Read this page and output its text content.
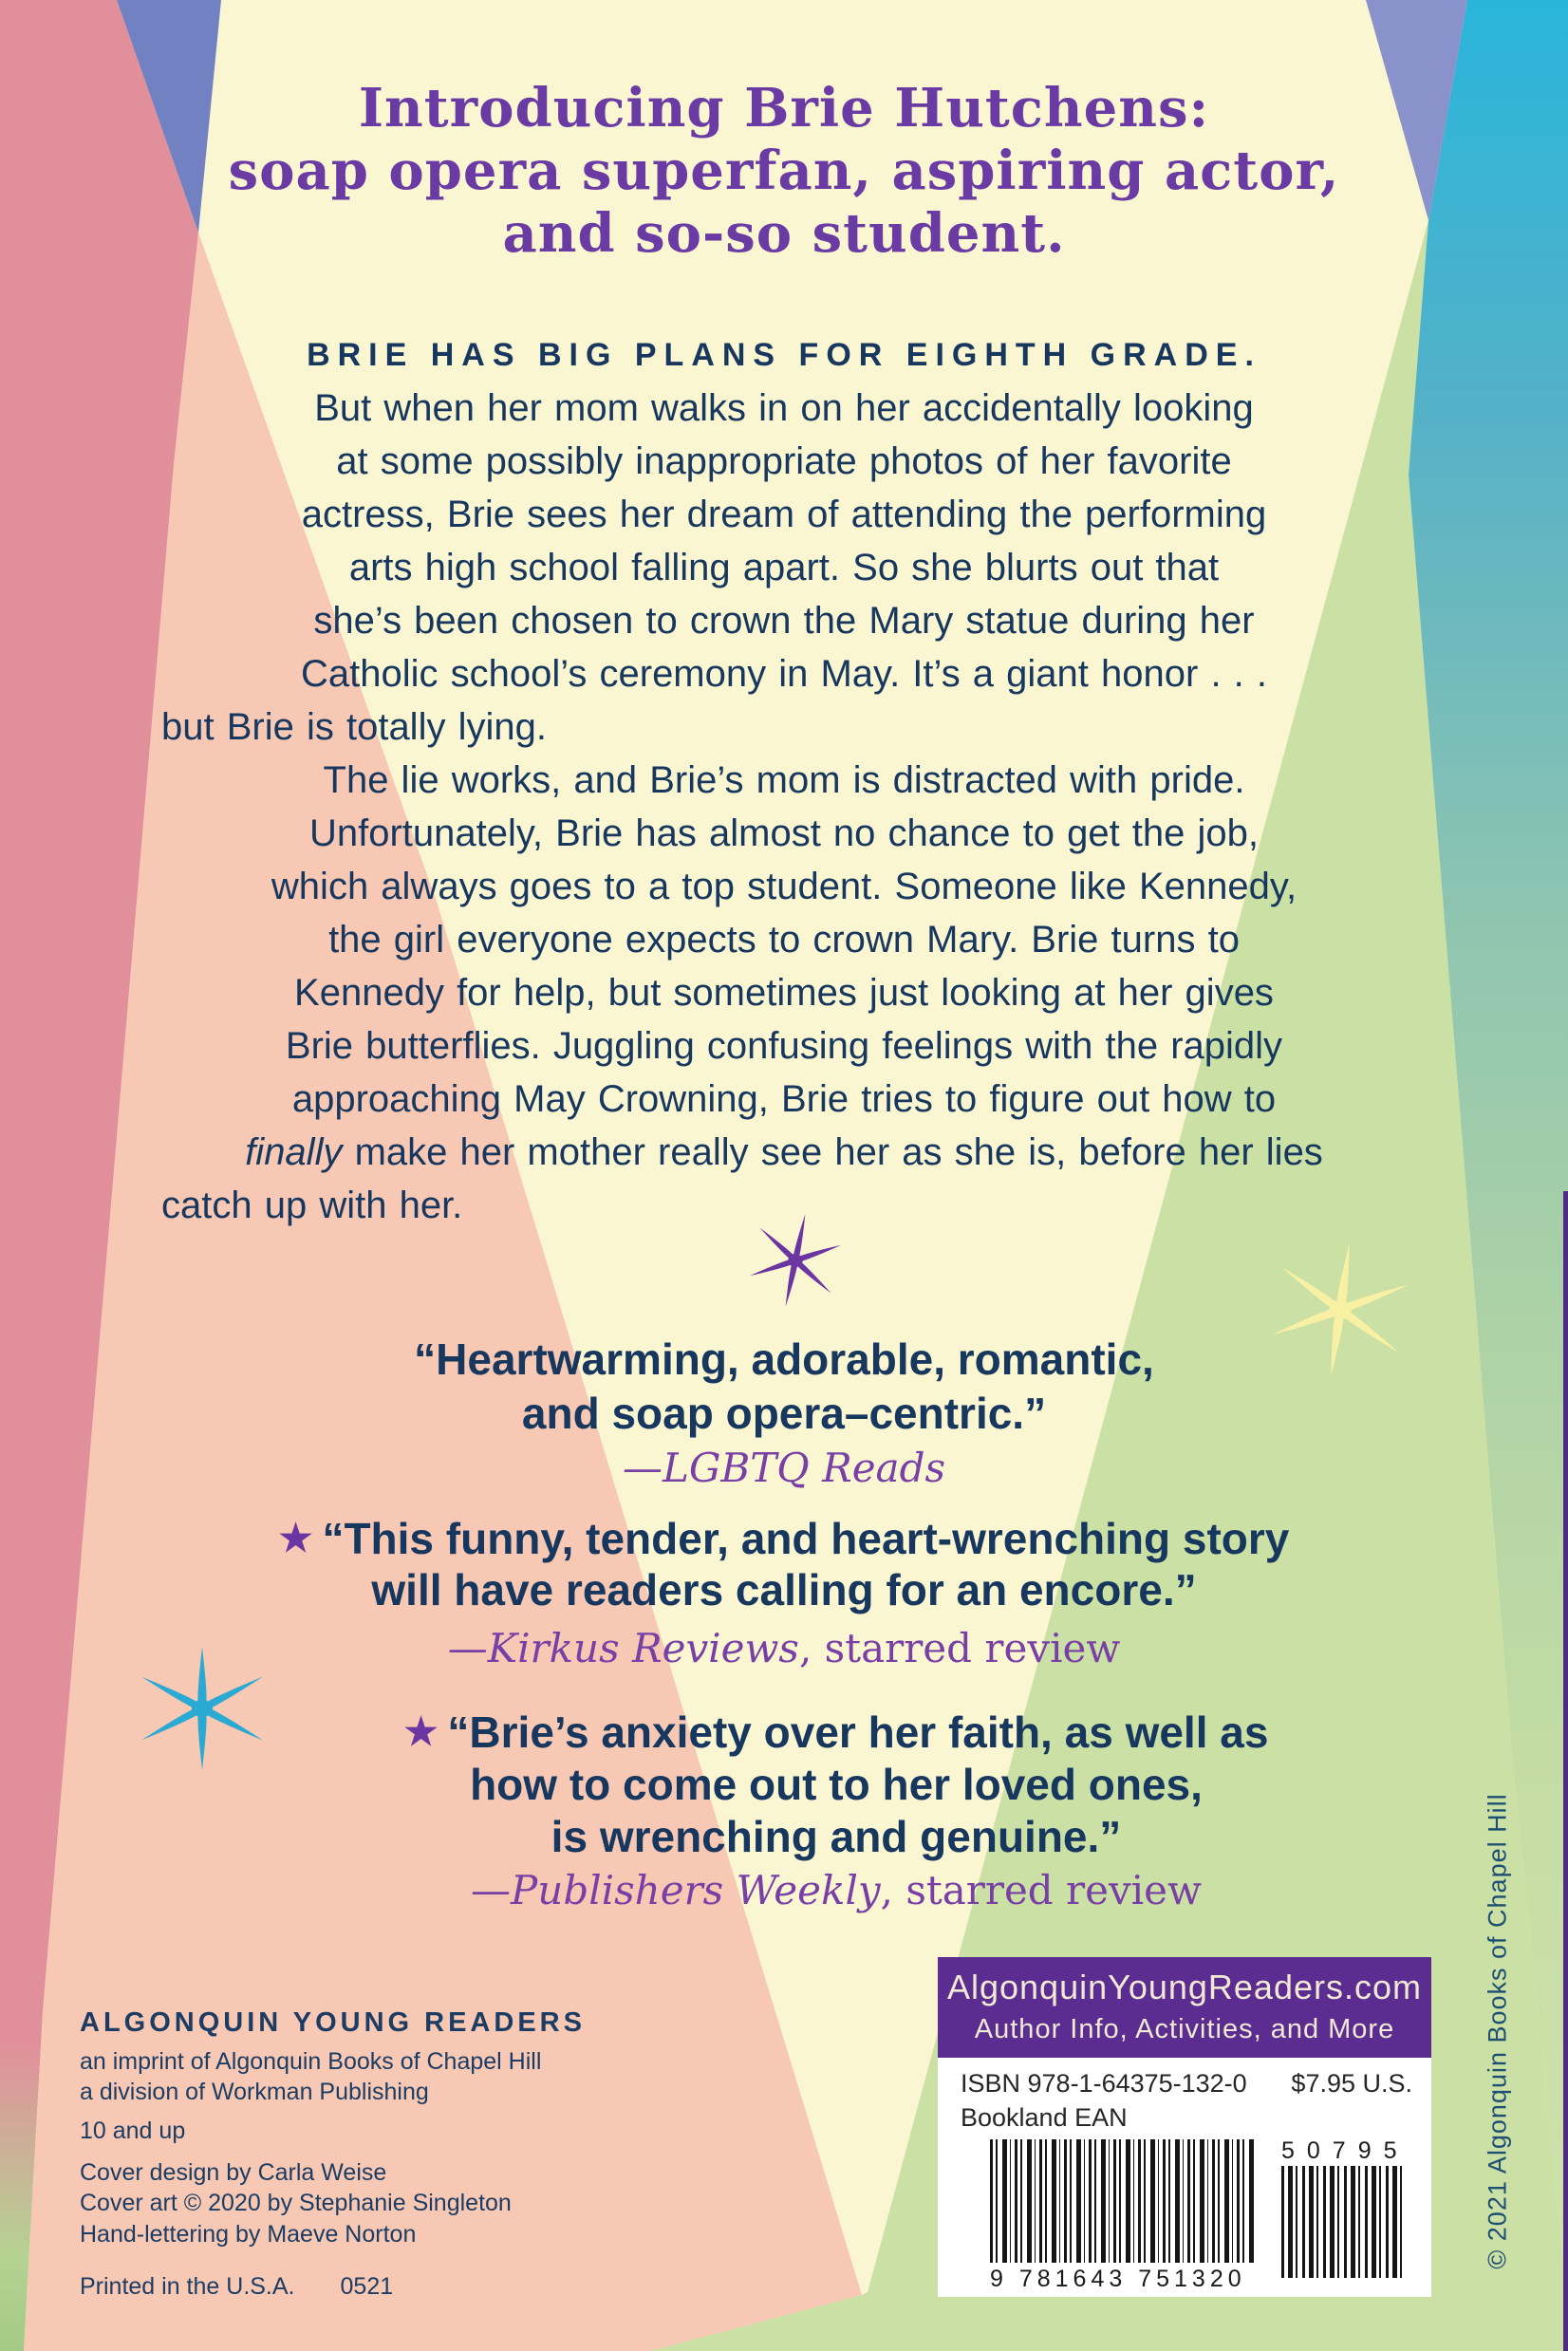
Introducing Brie Hutchens:
soap opera superfan, aspiring actor,
and so-so student.
BRIE HAS BIG PLANS FOR EIGHTH GRADE.
But when her mom walks in on her accidentally looking
at some possibly inappropriate photos of her favorite
actress, Brie sees her dream of attending the performing
arts high school falling apart. So she blurts out that
she’s been chosen to crown the Mary statue during her
Catholic school’s ceremony in May. It’s a giant honor . . .
but Brie is totally lying.
The lie works, and Brie’s mom is distracted with pride.
Unfortunately, Brie has almost no chance to get the job,
which always goes to a top student. Someone like Kennedy,
the girl everyone expects to crown Mary. Brie turns to
Kennedy for help, but sometimes just looking at her gives
Brie butterflies. Juggling confusing feelings with the rapidly
approaching May Crowning, Brie tries to figure out how to
finally make her mother really see her as she is, before her lies
catch up with her.
“Heartwarming, adorable, romantic,
and soap opera–centric.”
—LGBTQ Reads
★ “This funny, tender, and heart-wrenching story
will have readers calling for an encore.”
—Kirkus Reviews, starred review
★ “Brie’s anxiety over her faith, as well as
how to come out to her loved ones,
is wrenching and genuine.”
—Publishers Weekly, starred review
ALGONQUIN YOUNG READERS
an imprint of Algonquin Books of Chapel Hill
a division of Workman Publishing
10 and up
Cover design by Carla Weise
Cover art © 2020 by Stephanie Singleton
Hand-lettering by Maeve Norton
Printed in the U.S.A. 0521
AlgonquinYoungReaders.com
Author Info, Activities, and More
ISBN 978-1-64375-132-0 $7.95 U.S.
Bookland EAN
9 781643 751320
50795	© 2021 Algonquin Books of Chapel Hill
